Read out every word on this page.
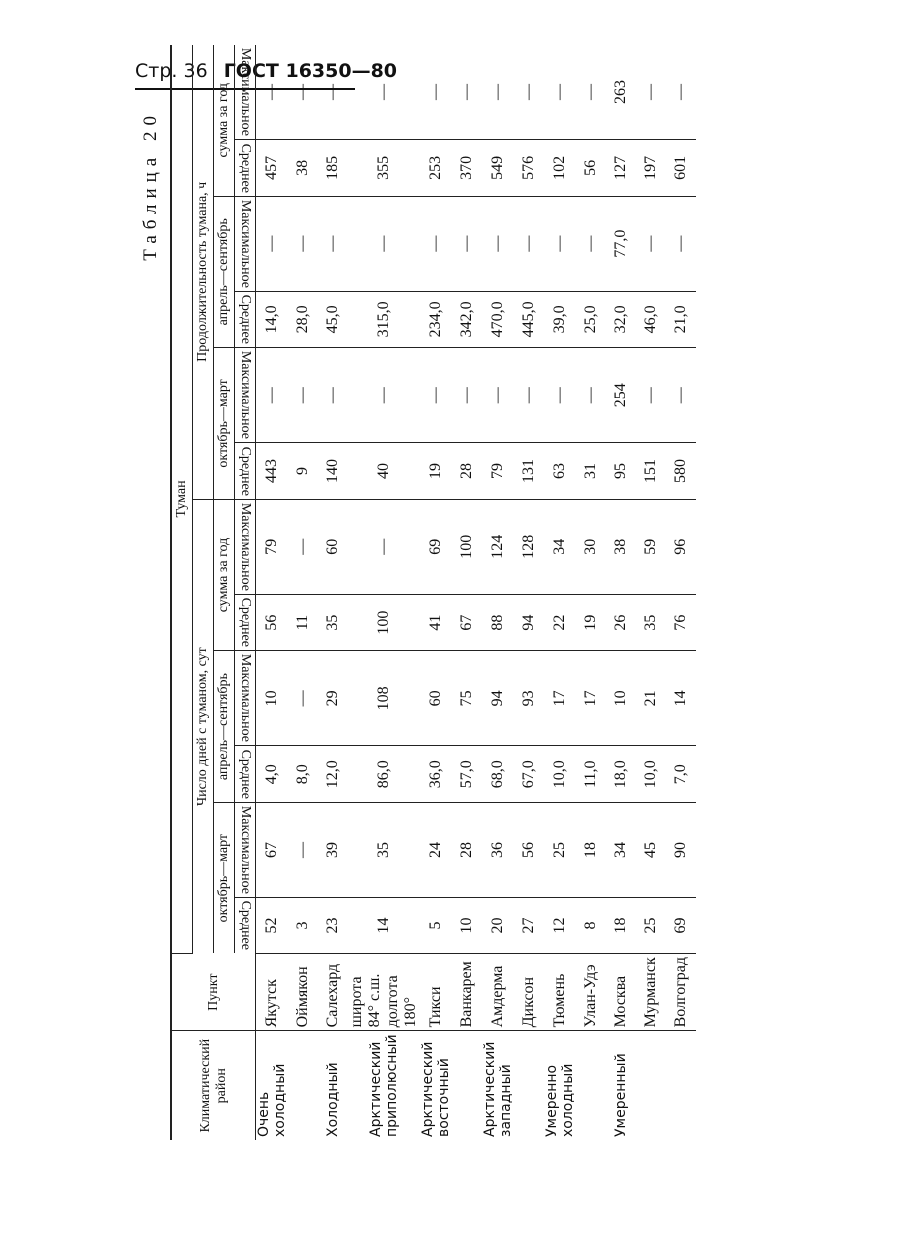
Стр. 36 ГОСТ 16350—80
Таблица 20
Климатический район	Пункт	Туман											
		Число дней с туманом, сут						Продолжительность тумана, ч					
		октябрь—март		апрель—сентябрь		сумма за год		октябрь—март		апрель—сентябрь		сумма за год	
		Среднее	Максимальное	Среднее	Максимальное	Среднее	Максимальное	Среднее	Максимальное	Среднее	Максимальное	Среднее	Максимальное
Очень холодный	Якутск	52	67	4,0	10	56	79	443	—	14,0	—	457	—
	Оймякон	3	—	8,0	—	11	—	9	—	28,0	—	38	—
Холодный	Салехард	23	39	12,0	29	35	60	140	—	45,0	—	185	—
Арктический приполюсный	широта 84° с.ш. долгота 180°	14	35	86,0	108	100	—	40	—	315,0	—	355	—
Арктический восточный	Тикси	5	24	36,0	60	41	69	19	—	234,0	—	253	—
	Ванкарем	10	28	57,0	75	67	100	28	—	342,0	—	370	—
Арктический западный	Амдерма	20	36	68,0	94	88	124	79	—	470,0	—	549	—
	Диксон	27	56	67,0	93	94	128	131	—	445,0	—	576	—
Умеренно холодный	Тюмень	12	25	10,0	17	22	34	63	—	39,0	—	102	—
	Улан-Удэ	8	18	11,0	17	19	30	31	—	25,0	—	56	—
Умеренный	Москва	18	34	18,0	10	26	38	95	254	32,0	77,0	127	263
	Мурманск	25	45	10,0	21	35	59	151	—	46,0	—	197	—
	Волгоград	69	90	7,0	14	76	96	580	—	21,0	—	601	—
